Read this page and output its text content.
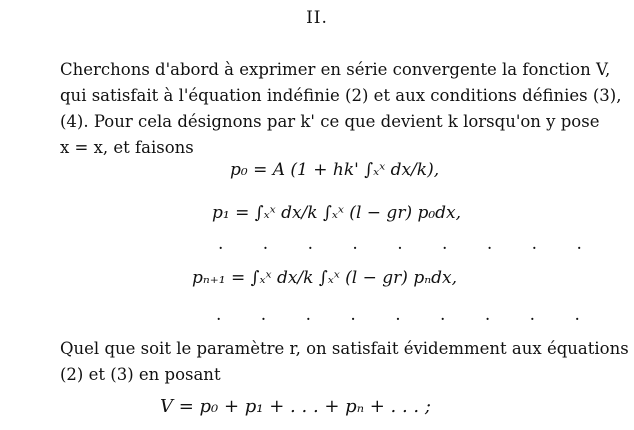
II.
Cherchons d'abord à exprimer en série convergente la fonction V,
qui satisfait à l'équation indéfinie (2) et aux conditions définies (3),
(4). Pour cela désignons par k' ce que devient k lorsqu'on y pose
x = x, et faisons
p₀ = A (1 + hk' ∫ₓˣ dx/k),
p₁ = ∫ₓˣ dx/k ∫ₓˣ (l − gr) p₀dx,
. . . . . . . . .
pₙ₊₁ = ∫ₓˣ dx/k ∫ₓˣ (l − gr) pₙdx,
. . . . . . . . .
Quel que soit le paramètre r, on satisfait évidemment aux équations
(2) et (3) en posant
V = p₀ + p₁ + . . . + pₙ + . . . ;
